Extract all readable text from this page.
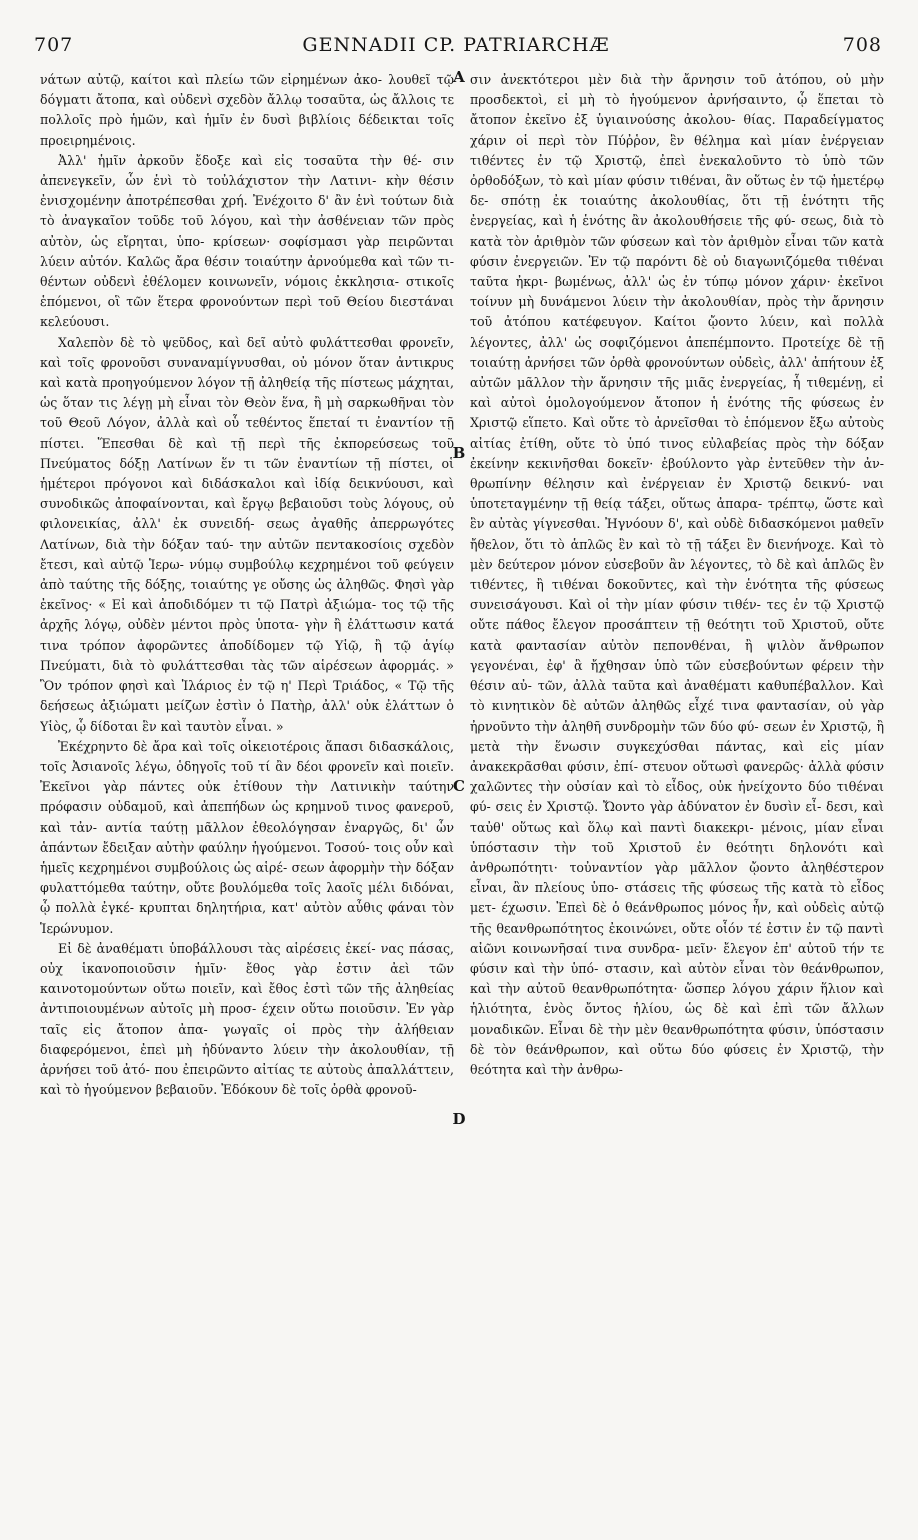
707	GENNADII CP. PATRIARCHÆ	708

νάτων αὐτῷ, καίτοι καὶ πλείω τῶν εἰρημένων ἀκο- λουθεῖ τῷ δόγματι ἄτοπα, καὶ οὐδενὶ σχεδὸν ἄλλῳ τοσαῦτα, ὡς ἄλλοις τε πολλοῖς πρὸ ἡμῶν, καὶ ἡμῖν ἐν δυσὶ βιβλίοις δέδεικται τοῖς προειρημένοις.

Ἀλλ' ἡμῖν ἀρκοῦν ἔδοξε καὶ εἰς τοσαῦτα τὴν θέ- σιν ἀπενεγκεῖν, ὧν ἑνὶ τὸ τοὐλάχιστον τὴν Λατινι- κὴν θέσιν ἐνισχομένην ἀποτρέπεσθαι χρή. Ἐνέχοιτο δ' ἂν ἑνὶ τούτων διὰ τὸ ἀναγκαῖον τοῦδε τοῦ λόγου, καὶ τὴν ἀσθένειαν τῶν πρὸς αὐτὸν, ὡς εἴρηται, ὑπο- κρίσεων· σοφίσμασι γὰρ πειρῶνται λύειν αὐτόν. Καλῶς ἄρα θέσιν τοιαύτην ἀρνούμεθα καὶ τῶν τι- θέντων οὐδενὶ ἐθέλομεν κοινωνεῖν, νόμοις ἐκκλησια- στικοῖς ἑπόμενοι, οἳ τῶν ἕτερα φρονούντων περὶ τοῦ Θείου διεστάναι κελεύουσι.

Χαλεπὸν δὲ τὸ ψεῦδος, καὶ δεῖ αὐτὸ φυλάττεσθαι φρονεῖν, καὶ τοῖς φρονοῦσι συναναμίγνυσθαι, οὐ μόνον ὅταν ἀντικρυς καὶ κατὰ προηγούμενον λόγον τῇ ἀληθείᾳ τῆς πίστεως μάχηται, ὡς ὅταν τις λέγῃ μὴ εἶναι τὸν Θεὸν ἕνα, ἢ μὴ σαρκωθῆναι τὸν τοῦ Θεοῦ Λόγον, ἀλλὰ καὶ οὗ τεθέντος ἕπεταί τι ἐναντίον τῇ πίστει. Ἕπεσθαι δὲ καὶ τῇ περὶ τῆς ἐκπορεύσεως τοῦ Πνεύματος δόξῃ Λατίνων ἕν τι τῶν ἐναντίων τῇ πίστει, οἱ ἡμέτεροι πρόγονοι καὶ διδάσκαλοι καὶ ἰδίᾳ δεικνύουσι, καὶ συνοδικῶς ἀποφαίνονται, καὶ ἔργῳ βεβαιοῦσι τοὺς λόγους, οὐ φιλονεικίας, ἀλλ' ἐκ συνειδή- σεως ἀγαθῆς ἀπερρωγότες Λατίνων, διὰ τὴν δόξαν ταύ- την αὐτῶν πεντακοσίοις σχεδὸν ἔτεσι, καὶ αὐτῷ Ἱερω- νύμῳ συμβούλῳ κεχρημένοι τοῦ φεύγειν ἀπὸ ταύτης τῆς δόξης, τοιαύτης γε οὔσης ὡς ἀληθῶς. Φησὶ γὰρ ἐκεῖνος· « Εἰ καὶ ἀποδιδόμεν τι τῷ Πατρὶ ἀξιώμα- τος τῷ τῆς ἀρχῆς λόγῳ, οὐδὲν μέντοι πρὸς ὑποτα- γὴν ἢ ἐλάττωσιν κατά τινα τρόπον ἀφορῶντες ἀποδίδομεν τῷ Υἱῷ, ἢ τῷ ἁγίῳ Πνεύματι, διὰ τὸ φυλάττεσθαι τὰς τῶν αἱρέσεων ἀφορμάς. » Ὃν τρόπον φησὶ καὶ Ἱλάριος ἐν τῷ η' Περὶ Τριάδος, « Τῷ τῆς δεήσεως ἀξιώματι μείζων ἐστὶν ὁ Πατὴρ, ἀλλ' οὐκ ἐλάττων ὁ Υἱὸς, ᾧ δίδοται ἓν καὶ ταυτὸν εἶναι. »

Ἐκέχρηντο δὲ ἄρα καὶ τοῖς οἰκειοτέροις ἅπασι διδασκάλοις, τοῖς Ἀσιανοῖς λέγω, ὁδηγοῖς τοῦ τί ἂν δέοι φρονεῖν καὶ ποιεῖν. Ἐκεῖνοι γὰρ πάντες οὐκ ἐτίθουν τὴν Λατινικὴν ταύτην πρόφασιν οὐδαμοῦ, καὶ ἀπεπήδων ὡς κρημνοῦ τινος φανεροῦ, καὶ τἀν- αντία ταύτῃ μᾶλλον ἐθεολόγησαν ἐναργῶς, δι' ὧν ἁπάντων ἔδειξαν αὐτὴν φαύλην ἡγούμενοι. Τοσού- τοις οὖν καὶ ἡμεῖς κεχρημένοι συμβούλοις ὡς αἱρέ- σεων ἀφορμὴν τὴν δόξαν φυλαττόμεθα ταύτην, οὔτε βουλόμεθα τοῖς λαοῖς μέλι διδόναι, ᾧ πολλὰ ἐγκέ- κρυπται δηλητήρια, κατ' αὐτὸν αὖθις φάναι τὸν Ἱερώνυμον.

Εἰ δὲ ἀναθέματι ὑποβάλλουσι τὰς αἱρέσεις ἐκεί- νας πάσας, οὐχ ἱκανοποιοῦσιν ἡμῖν· ἔθος γὰρ ἐστιν ἀεὶ τῶν καινοτομούντων οὕτω ποιεῖν, καὶ ἔθος ἐστὶ τῶν τῆς ἀληθείας ἀντιποιουμένων αὐτοῖς μὴ προσ- έχειν οὕτω ποιοῦσιν. Ἐν γὰρ ταῖς εἰς ἄτοπον ἀπα- γωγαῖς οἱ πρὸς τὴν ἀλήθειαν διαφερόμενοι, ἐπεὶ μὴ ἠδύναντο λύειν τὴν ἀκολουθίαν, τῇ ἀρνήσει τοῦ ἀτό- που ἐπειρῶντο αἰτίας τε αὐτοὺς ἀπαλλάττειν, καὶ τὸ ἡγούμενον βεβαιοῦν. Ἐδόκουν δὲ τοῖς ὀρθὰ φρονοῦ-

A
B
C
D

σιν ἀνεκτότεροι μὲν διὰ τὴν ἄρνησιν τοῦ ἀτόπου, οὐ μὴν προσδεκτοὶ, εἰ μὴ τὸ ἡγούμενον ἀρνήσαιντο, ᾧ ἕπεται τὸ ἄτοπον ἐκεῖνο ἐξ ὑγιαινούσης ἀκολου- θίας. Παραδείγματος χάριν οἱ περὶ τὸν Πύῤῥον, ἓν θέλημα καὶ μίαν ἐνέργειαν τιθέντες ἐν τῷ Χριστῷ, ἐπεὶ ἐνεκαλοῦντο τὸ ὑπὸ τῶν ὀρθοδόξων, τὸ καὶ μίαν φύσιν τιθέναι, ἂν οὕτως ἐν τῷ ἡμετέρῳ δε- σπότῃ ἐκ τοιαύτης ἀκολουθίας, ὅτι τῇ ἑνότητι τῆς ἐνεργείας, καὶ ἡ ἑνότης ἂν ἀκολουθήσειε τῆς φύ- σεως, διὰ τὸ κατὰ τὸν ἀριθμὸν τῶν φύσεων καὶ τὸν ἀριθμὸν εἶναι τῶν κατὰ φύσιν ἐνεργειῶν. Ἐν τῷ παρόντι δὲ οὐ διαγωνιζόμεθα τιθέναι ταῦτα ἠκρι- βωμένως, ἀλλ' ὡς ἐν τύπῳ μόνον χάριν· ἐκεῖνοι τοίνυν μὴ δυνάμενοι λύειν τὴν ἀκολουθίαν, πρὸς τὴν ἄρνησιν τοῦ ἀτόπου κατέφευγον. Καίτοι ᾤοντο λύειν, καὶ πολλὰ λέγοντες, ἀλλ' ὡς σοφιζόμενοι ἀπεπέμποντο. Προτείχε δὲ τῇ τοιαύτῃ ἀρνήσει τῶν ὀρθὰ φρονούντων οὐδεὶς, ἀλλ' ἀπήτουν ἐξ αὐτῶν μᾶλλον τὴν ἄρνησιν τῆς μιᾶς ἐνεργείας, ἧ τιθεμένῃ, εἰ καὶ αὐτοὶ ὁμολογούμενον ἄτοπον ἡ ἑνότης τῆς φύσεως ἐν Χριστῷ εἵπετο. Καὶ οὔτε τὸ ἀρνεῖσθαι τὸ ἑπόμενον ἔξω αὐτοὺς αἰτίας ἐτίθη, οὔτε τὸ ὑπό τινος εὐλαβείας πρὸς τὴν δόξαν ἐκείνην κεκινῆσθαι δοκεῖν· ἐβούλοντο γὰρ ἐντεῦθεν τὴν ἀν- θρωπίνην θέλησιν καὶ ἐνέργειαν ἐν Χριστῷ δεικνύ- ναι ὑποτεταγμένην τῇ θείᾳ τάξει, οὕτως ἀπαρα- τρέπτῳ, ὥστε καὶ ἓν αὐτὰς γίγνεσθαι. Ἠγνόουν δ', καὶ οὐδὲ διδασκόμενοι μαθεῖν ἤθελον, ὅτι τὸ ἁπλῶς ἓν καὶ τὸ τῇ τάξει ἓν διενήνοχε. Καὶ τὸ μὲν δεύτερον μόνον εὐσεβοῦν ἂν λέγοντες, τὸ δὲ καὶ ἁπλῶς ἓν τιθέντες, ἢ τιθέναι δοκοῦντες, καὶ τὴν ἑνότητα τῆς φύσεως συνεισάγουσι. Καὶ οἱ τὴν μίαν φύσιν τιθέν- τες ἐν τῷ Χριστῷ οὔτε πάθος ἔλεγον προσάπτειν τῇ θεότητι τοῦ Χριστοῦ, οὔτε κατὰ φαντασίαν αὐτὸν πεπονθέναι, ἢ ψιλὸν ἄνθρωπον γεγονέναι, ἐφ' ἃ ἤχθησαν ὑπὸ τῶν εὐσεβούντων φέρειν τὴν θέσιν αὐ- τῶν, ἀλλὰ ταῦτα καὶ ἀναθέματι καθυπέβαλλον. Καὶ τὸ κινητικὸν δὲ αὐτῶν ἀληθῶς εἶχέ τινα φαντασίαν, οὐ γὰρ ἠρνοῦντο τὴν ἀληθῆ συνδρομὴν τῶν δύο φύ- σεων ἐν Χριστῷ, ἢ μετὰ τὴν ἕνωσιν συγκεχύσθαι πάντας, καὶ εἰς μίαν ἀνακεκρᾶσθαι φύσιν, ἐπί- στευον οὕτωσὶ φανερῶς· ἀλλὰ φύσιν χαλῶντες τὴν οὐσίαν καὶ τὸ εἶδος, οὐκ ἠνείχοντο δύο τιθέναι φύ- σεις ἐν Χριστῷ. Ὤοντο γὰρ ἀδύνατον ἐν δυσὶν εἶ- δεσι, καὶ ταὐθ' οὕτως καὶ ὅλῳ καὶ παντὶ διακεκρι- μένοις, μίαν εἶναι ὑπόστασιν τὴν τοῦ Χριστοῦ ἐν θεότητι δηλονότι καὶ ἀνθρωπότητι· τοὐναντίον γὰρ μᾶλλον ᾤοντο ἀληθέστερον εἶναι, ἂν πλείους ὑπο- στάσεις τῆς φύσεως τῆς κατὰ τὸ εἶδος μετ- έχωσιν. Ἐπεὶ δὲ ὁ θεάνθρωπος μόνος ἦν, καὶ οὐδεὶς αὐτῷ τῆς θεανθρωπότητος ἐκοινώνει, οὔτε οἷόν τέ ἐστιν ἐν τῷ παντὶ αἰῶνι κοινωνῆσαί τινα συνδρα- μεῖν· ἔλεγον ἐπ' αὐτοῦ τήν τε φύσιν καὶ τὴν ὑπό- στασιν, καὶ αὐτὸν εἶναι τὸν θεάνθρωπον, καὶ τὴν αὐτοῦ θεανθρωπότητα· ὥσπερ λόγου χάριν ἥλιον καὶ ἡλιότητα, ἑνὸς ὄντος ἡλίου, ὡς δὲ καὶ ἐπὶ τῶν ἄλλων μοναδικῶν. Εἶναι δὲ τὴν μὲν θεανθρωπότητα φύσιν, ὑπόστασιν δὲ τὸν θεάνθρωπον, καὶ οὕτω δύο φύσεις ἐν Χριστῷ, τὴν θεότητα καὶ τὴν ἀνθρω-
